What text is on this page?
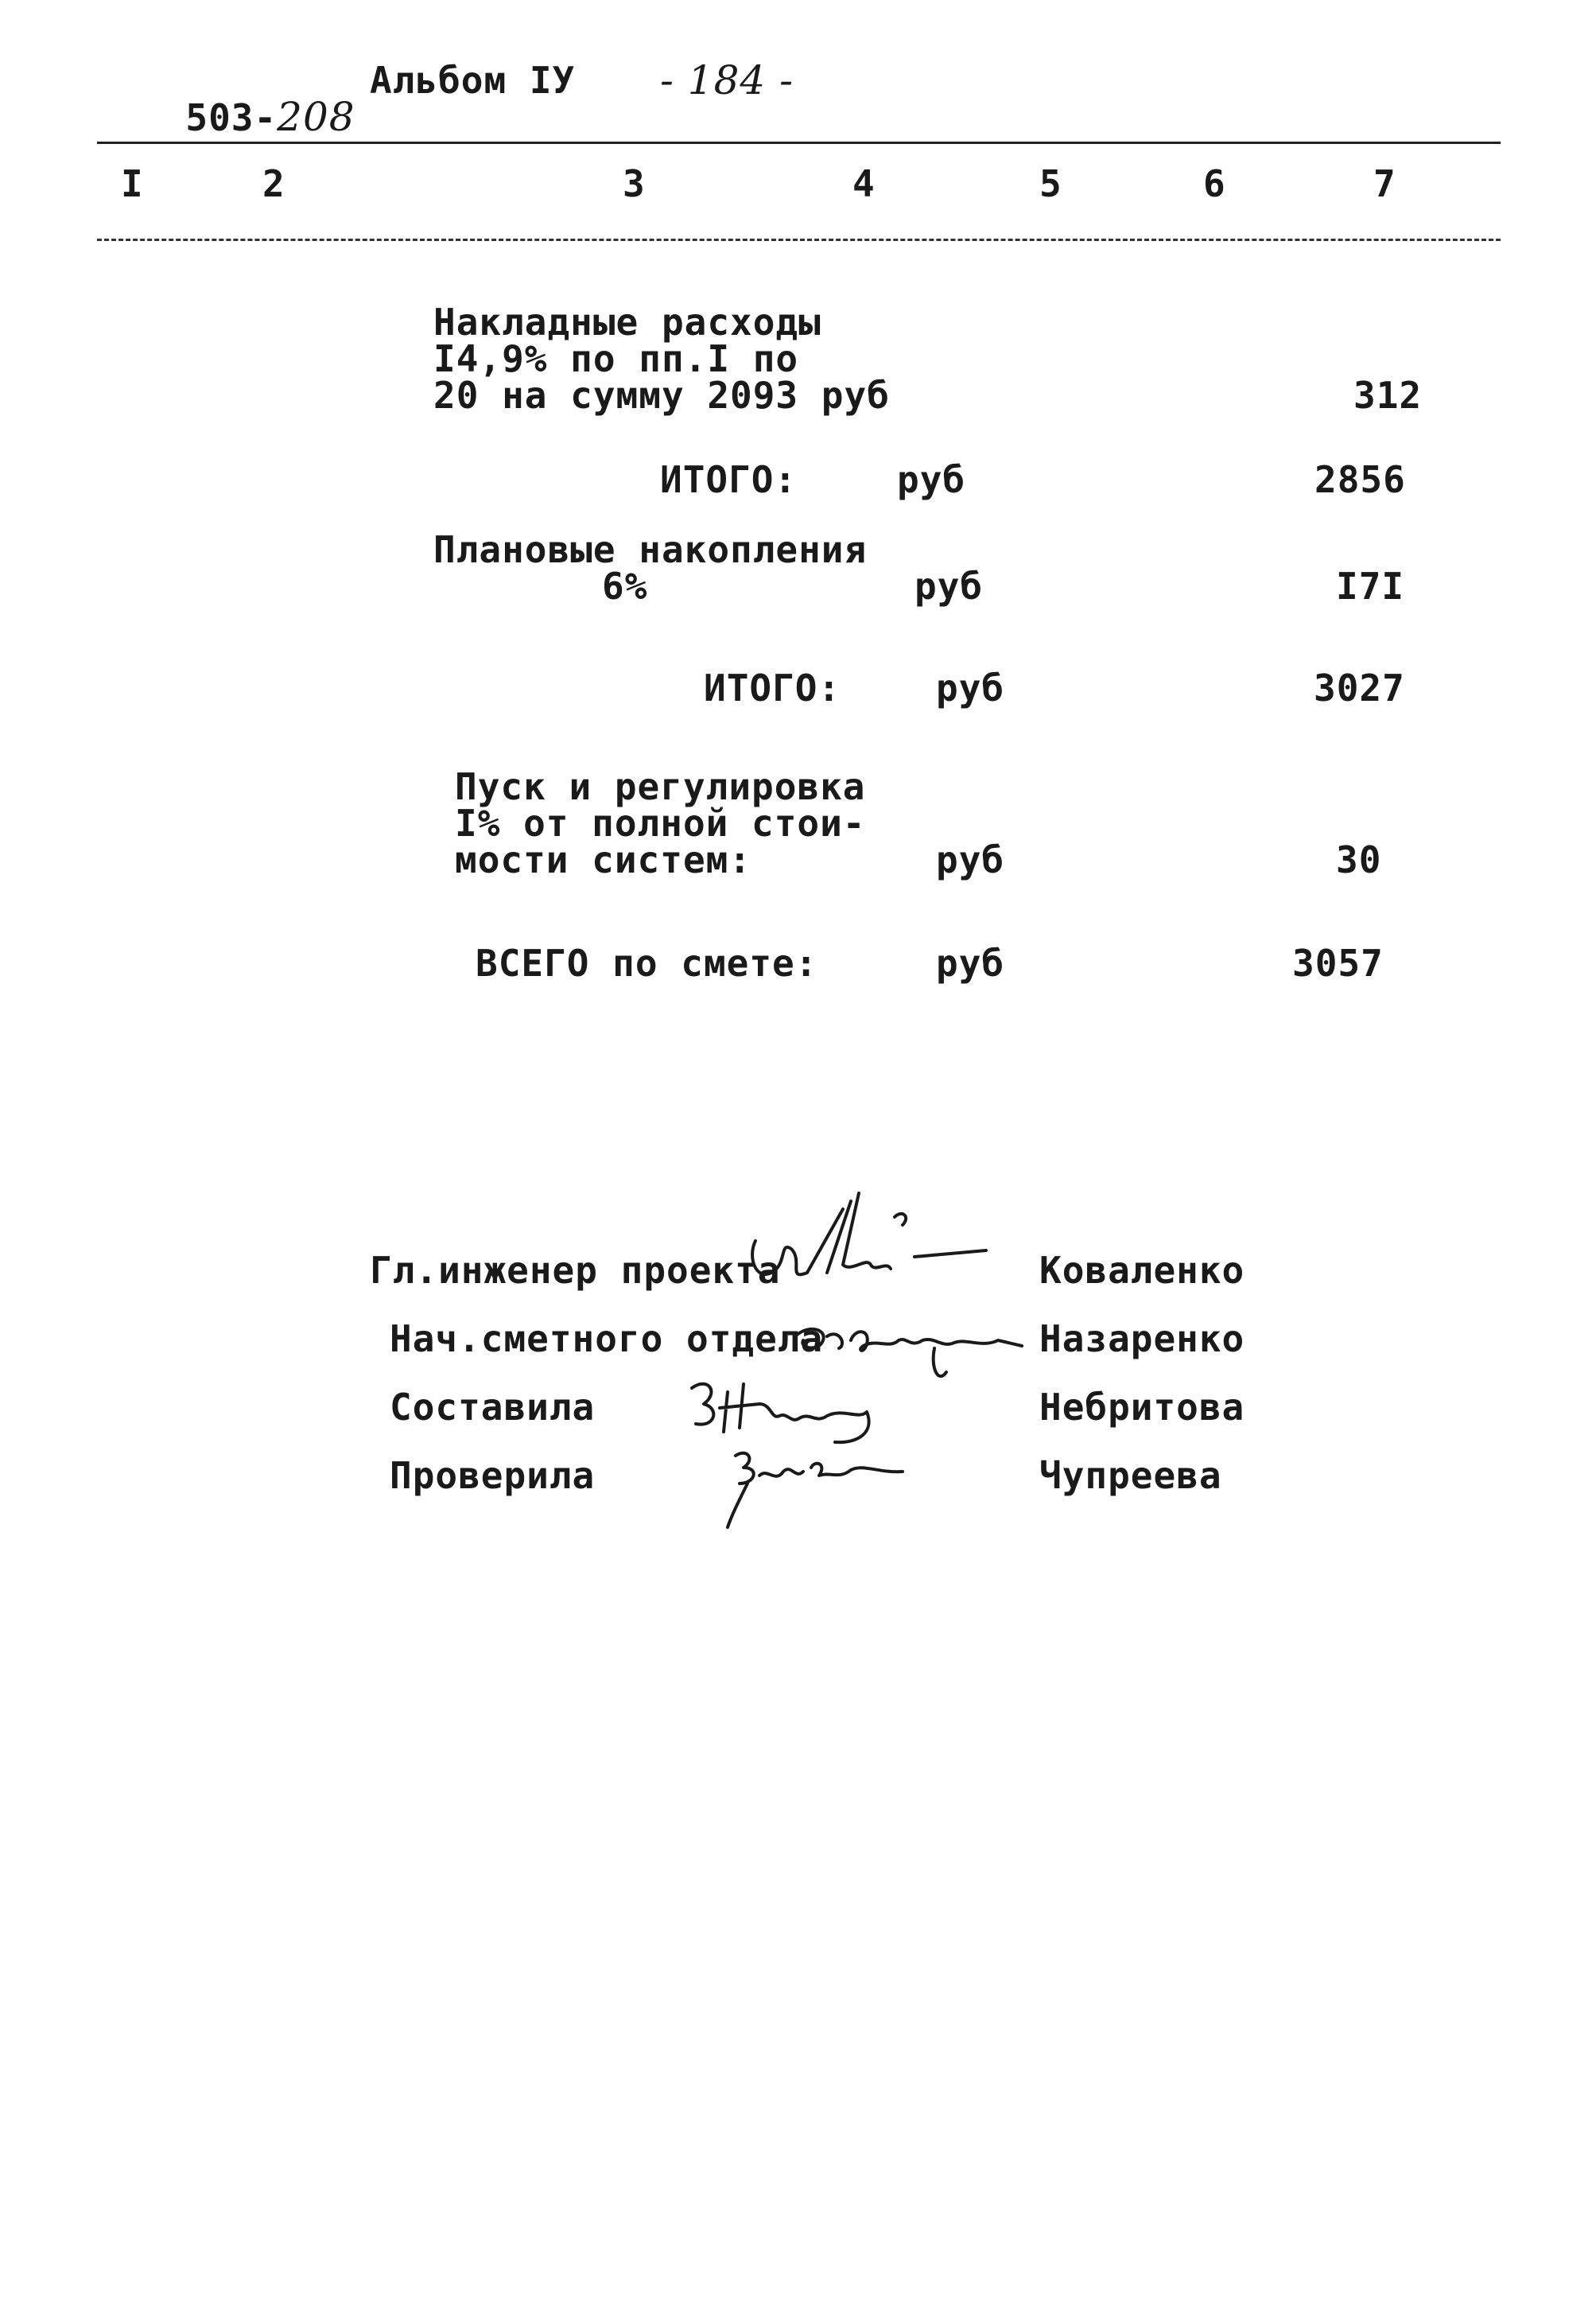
503-208

Альбом IУ - 184 -
I	2	3	4	5	6	7
Накладные расходы
I4,9% по пп.I по
20 на сумму 2093 руб	312
ИТОГО:	руб	2856
Плановые накопления
6%	руб	I7I
ИТОГО:	руб	3027
Пуск и регулировка
I% от полной стои-
мости систем:	руб	30
ВСЕГО по смете:	руб	3057
Гл.инженер проекта	Коваленко
Нач.сметного отдела	Назаренко
Составила	Небритова
Проверила	Чупреева
